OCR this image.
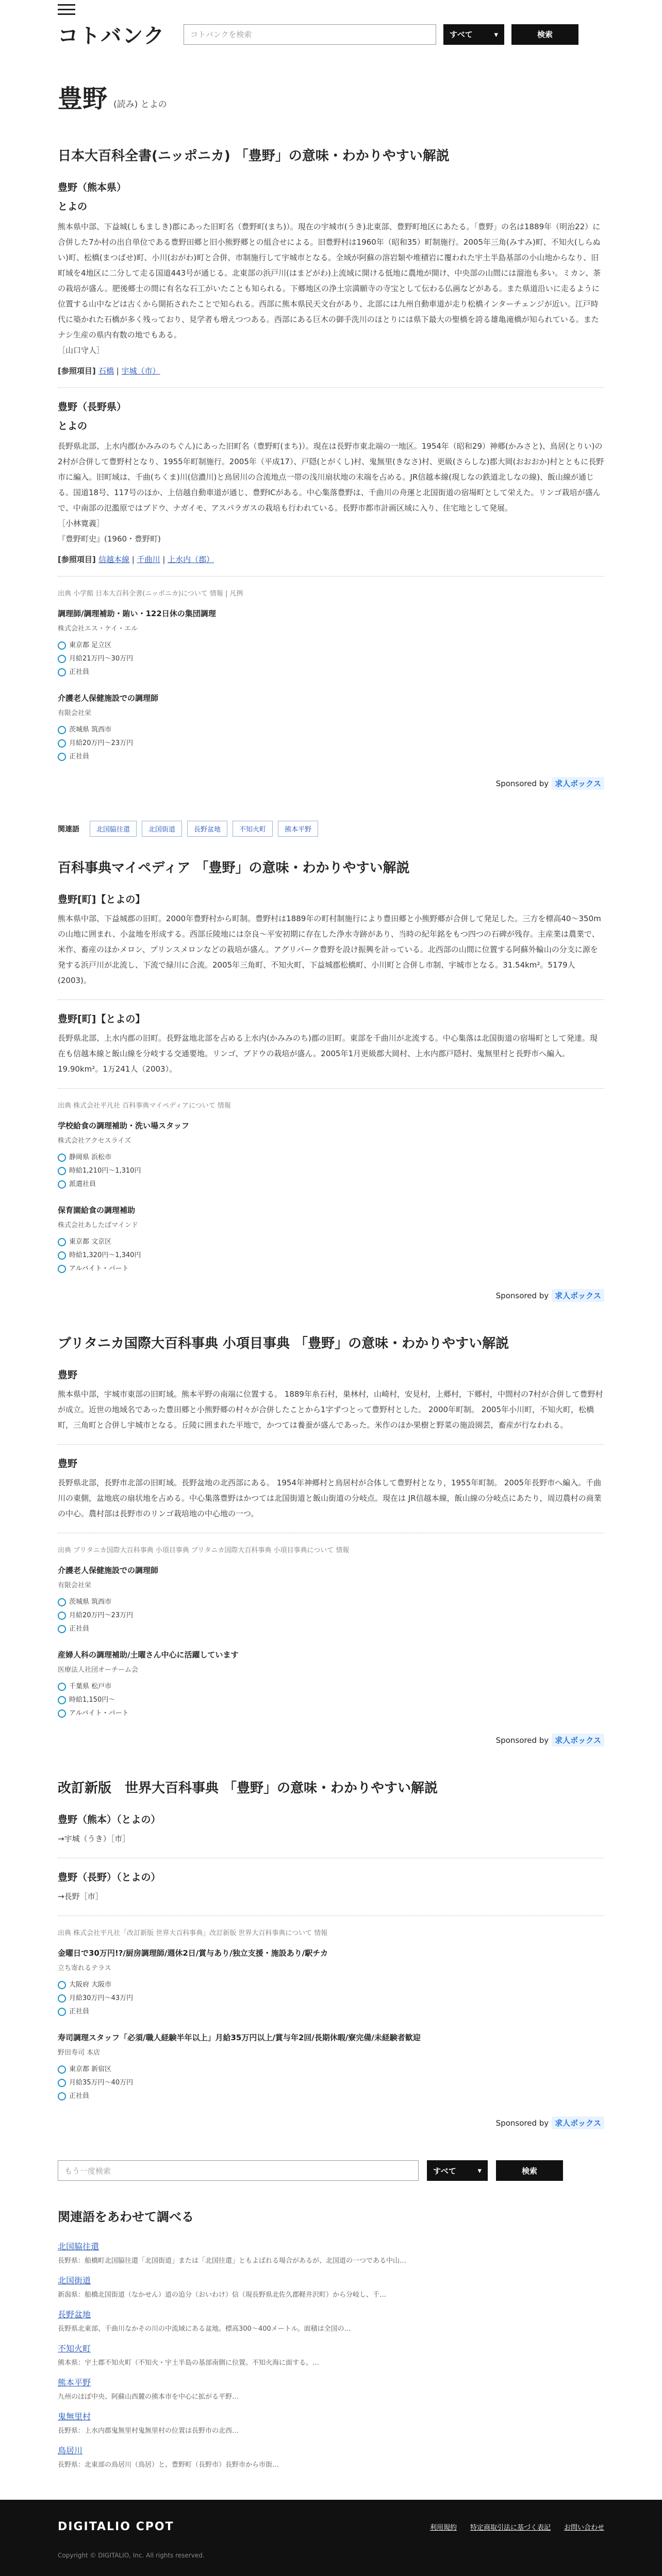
コトバンク	コトバンクを検索	すべて	▾	検索
豊野 (読み) とよの
日本大百科全書(ニッポニカ) 「豊野」の意味・わかりやすい解説
豊野（熊本県）
とよの
熊本県中部、下益城(しもましき)郡にあった旧町名（豊野町(まち)）。現在の宇城市(うき)北東部、豊野町地区にあたる。「豊野」の名は1889年（明治22）に合併した7か村の出自単位である豊野田郷と旧小熊野郷との組合せによる。旧豊野村は1960年（昭和35）町制施行。2005年三角(みすみ)町、不知火(しらぬい)町、松橋(まつばせ)町、小川(おがわ)町と合併、市制施行して宇城市となる。全域が阿蘇の溶岩類や堆積岩に覆われた宇土半島基部の小山地からなり、旧町域を4地区に二分して走る国道443号が通じる。北東部の浜戸川(はまどがわ)上流域に開ける低地に農地が開け、中央部の山間には溜池も多い。ミカン、茶の栽培が盛ん。肥後郷士の間に有名な石工がいたことも知られる。下郷地区の浄土宗満願寺の寺宝として伝わる仏画などがある。また県道沿いに走るように位置する山中などは古くから開拓されたことで知られる。西部に熊本県民天文台があり、北部には九州自動車道が走り松橋インターチェンジが近い。江戸時代に築かれた石橋が多く残っており、見学者も増えつつある。西部にある巨木の御手洗川のほとりには県下最大の聖橋を誇る雄亀滝橋が知られている。またナシ生産の県内有数の地でもある。
［山口守人］
[参照項目] 石橋 | 宇城（市）
豊野（長野県）
とよの
長野県北部、上水内郡(かみみのちぐん)にあった旧町名（豊野町(まち)）。現在は長野市東北端の一地区。1954年（昭和29）神郷(かみさと)、鳥居(とりい)の2村が合併して豊野村となり、1955年町制施行。2005年（平成17）、戸隠(とがくし)村、鬼無里(きなさ)村、更級(さらしな)郡大岡(おおおか)村とともに長野市に編入。旧町域は、千曲(ちくま)川(信濃川)と鳥居川の合流地点一帯の浅川扇状地の末端を占める。JR信越本線(現しなの鉄道北しなの線)、飯山線が通じる。国道18号、117号のほか、上信越自動車道が通じ、豊野ICがある。中心集落豊野は、千曲川の舟運と北国街道の宿場町として栄えた。リンゴ栽培が盛んで、中南部の氾濫原ではブドウ、ナガイモ、アスパラガスの栽培も行われている。長野市都市計画区域に入り、住宅地として発展。
［小林寛義］
『豊野町史』(1960・豊野町)
[参照項目] 信越本線 | 千曲川 | 上水内（郡）
出典 小学館 日本大百科全書(ニッポニカ)について 情報 | 凡例
調理師/調理補助・賄い・122日休の集団調理
株式会社エス・ケイ・エル
東京都 足立区
月給21万円〜30万円
正社員
介護老人保健施設での調理師
有限会社栄
茨城県 筑西市
月給20万円〜23万円
正社員
Sponsored by 求人ボックス
関連語	北国脇往還	北国街道	長野盆地	不知火町	熊本平野
百科事典マイペディア 「豊野」の意味・わかりやすい解説
豊野[町]【とよの】
熊本県中部、下益城郡の旧町。2000年豊野村から町制。豊野村は1889年の町村制施行により豊田郷と小熊野郷が合併して発足した。三方を標高40〜350mの山地に囲まれ、小盆地を形成する。西部丘陵地には奈良〜平安初期に存在した浄水寺跡があり、当時の紀年銘をもつ四つの石碑が残存。主産業は農業で、米作、畜産のほかメロン、プリンスメロンなどの栽培が盛ん。アグリパーク豊野を設け振興を計っている。北西部の山間に位置する阿蘇外輪山の分支に源を発する浜戸川が北流し、下流で緑川に合流。2005年三角町、不知火町、下益城郡松橋町、小川町と合併し市制、宇城市となる。31.54km²。5179人(2003)。
豊野[町]【とよの】
長野県北部、上水内郡の旧町。長野盆地北部を占める上水内(かみみのち)郡の旧町。東部を千曲川が北流する。中心集落は北国街道の宿場町として発達。現在も信越本線と飯山線を分岐する交通要地。リンゴ、ブドウの栽培が盛ん。2005年1月更級郡大岡村、上水内郡戸隠村、鬼無里村と長野市へ編入。19.90km²。1万241人（2003）。
出典 株式会社平凡社 百科事典マイペディアについて 情報
学校給食の調理補助・洗い場スタッフ
株式会社アクセスライズ
静岡県 浜松市
時給1,210円〜1,310円
派遣社員
保育園給食の調理補助
株式会社あしたばマインド
東京都 文京区
時給1,320円〜1,340円
アルバイト・パート
Sponsored by 求人ボックス
ブリタニカ国際大百科事典 小項目事典 「豊野」の意味・わかりやすい解説
豊野
熊本県中部，宇城市東部の旧町域。熊本平野の南端に位置する。 1889年糸石村，巣林村，山崎村，安見村，上郷村，下郷村，中間村の7村が合併して豊野村が成立。近世の地域名であった豊田郷と小熊野郷の村々が合併したことから1字ずつとって豊野村とした。 2000年町制。 2005年小川町，不知火町，松橋町，三角町と合併し宇城市となる。丘陵に囲まれた平地で，かつては養蚕が盛んであった。米作のほか果樹と野菜の施設園芸，畜産が行なわれる。
豊野
長野県北部，長野市北部の旧町域。長野盆地の北西部にある。 1954年神郷村と鳥居村が合体して豊野村となり，1955年町制。 2005年長野市へ編入。千曲川の東側，盆地底の扇状地を占める。中心集落豊野はかつては北国街道と飯山街道の分岐点。現在は JR信越本線，飯山線の分岐点にあたり，周辺農村の商業の中心。農村部は長野市のリンゴ栽培地の中心地の一つ。
出典 ブリタニカ国際大百科事典 小項目事典 ブリタニカ国際大百科事典 小項目事典について 情報
介護老人保健施設での調理師
有限会社栄
茨城県 筑西市
月給20万円〜23万円
正社員
産婦人科の調理補助/土曜さん中心に活躍しています
医療法人社団オーチーム会
千葉県 松戸市
時給1,150円〜
アルバイト・パート
Sponsored by 求人ボックス
改訂新版　世界大百科事典 「豊野」の意味・わかりやすい解説
豊野（熊本）（とよの）
→宇城（うき）［市］
豊野（長野）（とよの）
→長野［市］
出典 株式会社平凡社「改訂新版 世界大百科事典」改訂新版 世界大百科事典について 情報
金曜日で30万円!?/厨房調理師/週休2日/賞与あり/独立支援・施設あり/駅チカ
立ち寄れるテラス
大阪府 大阪市
月給30万円〜43万円
正社員
寿司調理スタッフ「必須/職人経験半年以上」月給35万円以上/賞与年2回/長期休暇/寮完備/未経験者歓迎
野田寿司 本店
東京都 新宿区
月給35万円〜40万円
正社員
Sponsored by 求人ボックス
もう一度検索	すべて	▾	検索
関連語をあわせて調べる
北国脇往還
長野県：船橋町北国脇往還「北国街道」または「北国往還」ともよばれる場合があるが、北国道の一つである中山…
北国街道
新潟県：船橋北国街道（なかせん）道の追分（おいわけ）信（現長野県北佐久郡軽井沢町）から分岐し、千…
長野盆地
長野県北東部、千曲川なかその川の中流域にある盆地。標高300〜400メートル。面積は全国の…
不知火町
熊本県：宇土郡不知火町（不知火・宇土半島の基部南側に位置。不知火海に面する。…
熊本平野
九州のほぼ中央、阿蘇山西麓の熊本市を中心に拡がる平野…
鬼無里村
長野県：上水内郡鬼無里村鬼無里村の位置は長野市の北西…
鳥居川
長野県：北東部の鳥居川（鳥居）と、豊野町（長野市）長野市から市街…
DIGITALIO CPOT	利用規約 特定商取引法に基づく表記 お問い合わせ
Copyright © DIGITALIO, Inc. All rights reserved.
